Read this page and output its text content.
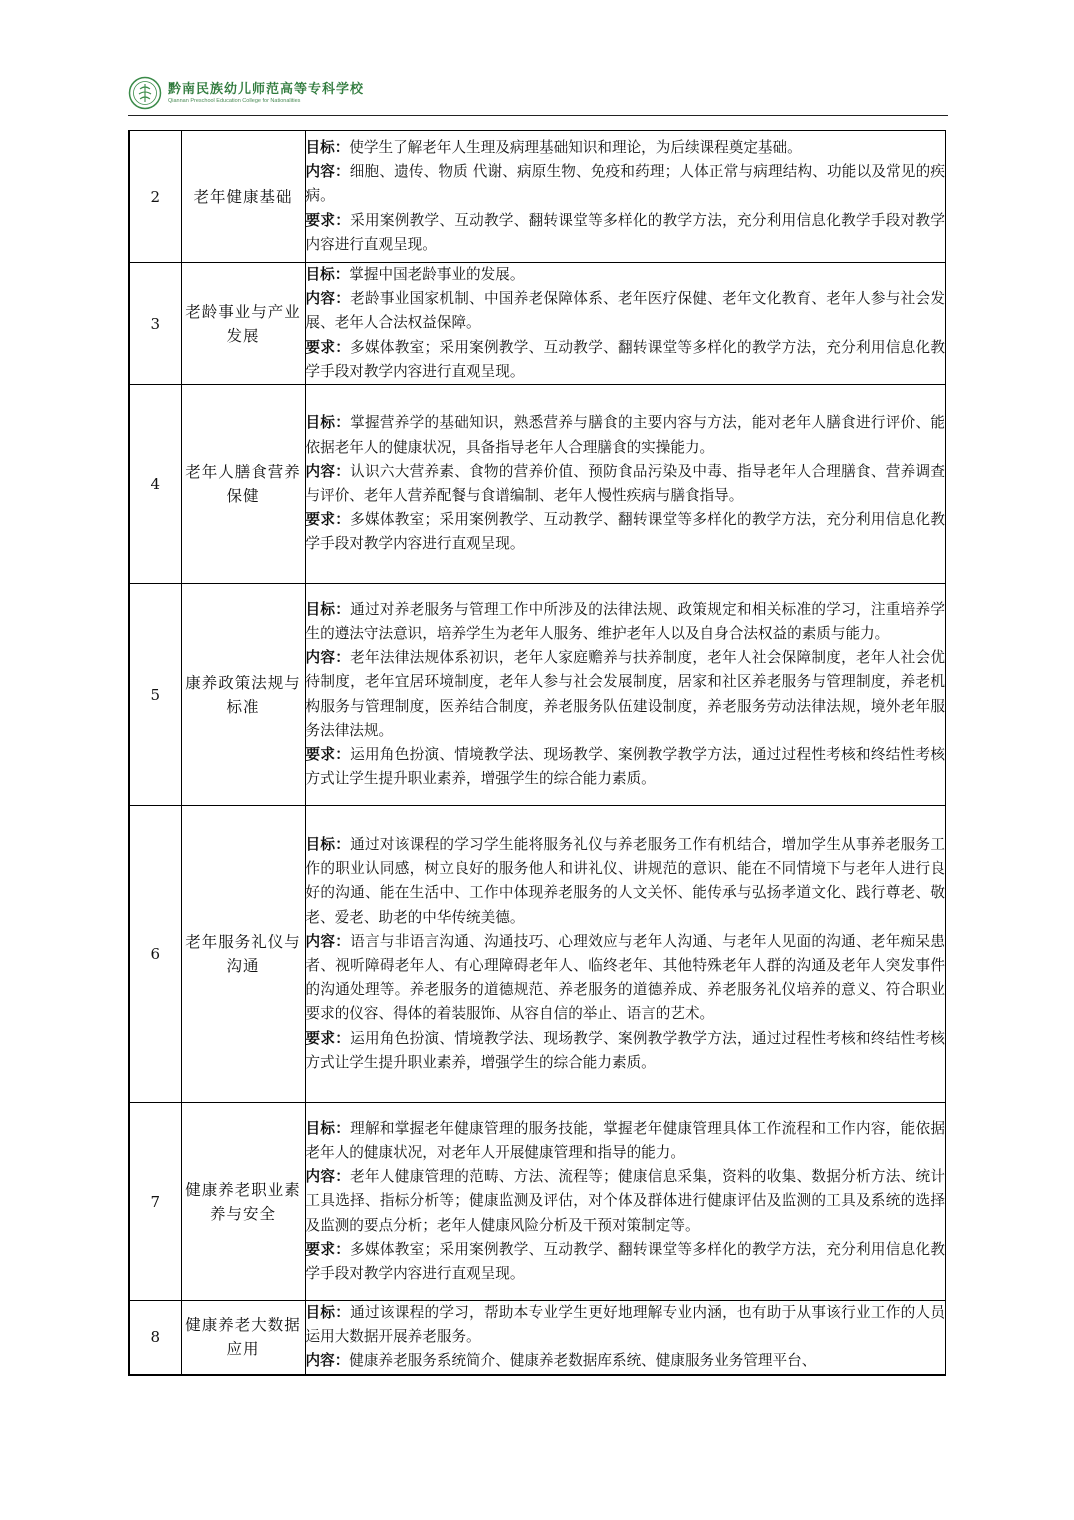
黔南民族幼儿师范高等专科学校
Qiannan Preschool Education College for Nationalities
2	老年健康基础	目标：使学生了解老年人生理及病理基础知识和理论，为后续课程奠定基础。
内容：细胞、遗传、物质 代谢、病原生物、免疫和药理；人体正常与病理结构、功能以及常见的疾病。
要求：采用案例教学、互动教学、翻转课堂等多样化的教学方法，充分利用信息化教学手段对教学内容进行直观呈现。

3	老龄事业与产业发展	目标：掌握中国老龄事业的发展。
内容：老龄事业国家机制、中国养老保障体系、老年医疗保健、老年文化教育、老年人参与社会发展、老年人合法权益保障。
要求：多媒体教室；采用案例教学、互动教学、翻转课堂等多样化的教学方法，充分利用信息化教学手段对教学内容进行直观呈现。

4	老年人膳食营养保健	目标：掌握营养学的基础知识，熟悉营养与膳食的主要内容与方法，能对老年人膳食进行评价、能依据老年人的健康状况，具备指导老年人合理膳食的实操能力。
内容：认识六大营养素、食物的营养价值、预防食品污染及中毒、指导老年人合理膳食、营养调查与评价、老年人营养配餐与食谱编制、老年人慢性疾病与膳食指导。
要求：多媒体教室；采用案例教学、互动教学、翻转课堂等多样化的教学方法，充分利用信息化教学手段对教学内容进行直观呈现。

5	康养政策法规与标准	目标：通过对养老服务与管理工作中所涉及的法律法规、政策规定和相关标准的学习，注重培养学生的遵法守法意识，培养学生为老年人服务、维护老年人以及自身合法权益的素质与能力。
内容：老年法律法规体系初识，老年人家庭赡养与扶养制度，老年人社会保障制度，老年人社会优待制度，老年宜居环境制度，老年人参与社会发展制度，居家和社区养老服务与管理制度，养老机构服务与管理制度，医养结合制度，养老服务队伍建设制度，养老服务劳动法律法规，境外老年服务法律法规。
要求：运用角色扮演、情境教学法、现场教学、案例教学教学方法，通过过程性考核和终结性考核方式让学生提升职业素养，增强学生的综合能力素质。

6	老年服务礼仪与沟通	目标：通过对该课程的学习学生能将服务礼仪与养老服务工作有机结合，增加学生从事养老服务工作的职业认同感，树立良好的服务他人和讲礼仪、讲规范的意识、能在不同情境下与老年人进行良好的沟通、能在生活中、工作中体现养老服务的人文关怀、能传承与弘扬孝道文化、践行尊老、敬老、爱老、助老的中华传统美德。
内容：语言与非语言沟通、沟通技巧、心理效应与老年人沟通、与老年人见面的沟通、老年痴呆患者、视听障碍老年人、有心理障碍老年人、临终老年、其他特殊老年人群的沟通及老年人突发事件的沟通处理等。养老服务的道德规范、养老服务的道德养成、养老服务礼仪培养的意义、符合职业要求的仪容、得体的着装服饰、从容自信的举止、语言的艺术。
要求：运用角色扮演、情境教学法、现场教学、案例教学教学方法，通过过程性考核和终结性考核方式让学生提升职业素养，增强学生的综合能力素质。

7	健康养老职业素养与安全	目标：理解和掌握老年健康管理的服务技能，掌握老年健康管理具体工作流程和工作内容，能依据老年人的健康状况，对老年人开展健康管理和指导的能力。
内容：老年人健康管理的范畴、方法、流程等；健康信息采集，资料的收集、数据分析方法、统计工具选择、指标分析等；健康监测及评估，对个体及群体进行健康评估及监测的工具及系统的选择及监测的要点分析；老年人健康风险分析及干预对策制定等。
要求：多媒体教室；采用案例教学、互动教学、翻转课堂等多样化的教学方法，充分利用信息化教学手段对教学内容进行直观呈现。

8	健康养老大数据应用	目标：通过该课程的学习，帮助本专业学生更好地理解专业内涵，也有助于从事该行业工作的人员运用大数据开展养老服务。
内容：健康养老服务系统简介、健康养老数据库系统、健康服务业务管理平台、
